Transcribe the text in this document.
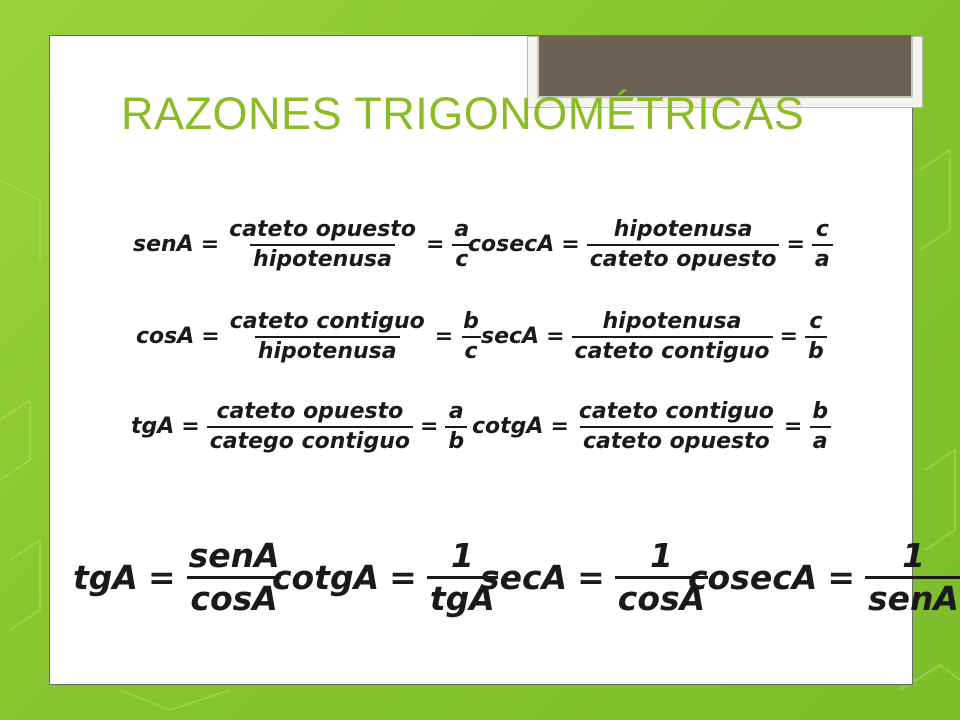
RAZONES TRIGONOMÉTRICAS
senA = $\frac{\text{cateto opuesto}}{\text{hipotenusa}} = \frac{a}{c}$
$cosecA = \frac{\text{hipotenusa}}{\text{cateto opuesto}} = \frac{c}{a}$
$\cos A = \frac{\text{cateto contiguo}}{\text{hipotenusa}} = \frac{b}{c}$ $\sec A = \frac{\text{hipotenusa}}{\text{cateto contiguo}} = \frac{c}{b}$
tgA = $\frac{\text{cateto opuesto}}{\text{catego contiguo}} = \frac{a}{b}$ cotgA = $\frac{\text{cateto contiguo}}{\text{cateto opuesto}} = \frac{b}{a}$
tgA = $\frac{\text{senA}}{\cos A}$
cotgA = $\frac{1}{\text{tgA}}$
$\sec A = \frac{1}{\cos A}$
$cosecA = \frac{1}{\text{senA}}$
